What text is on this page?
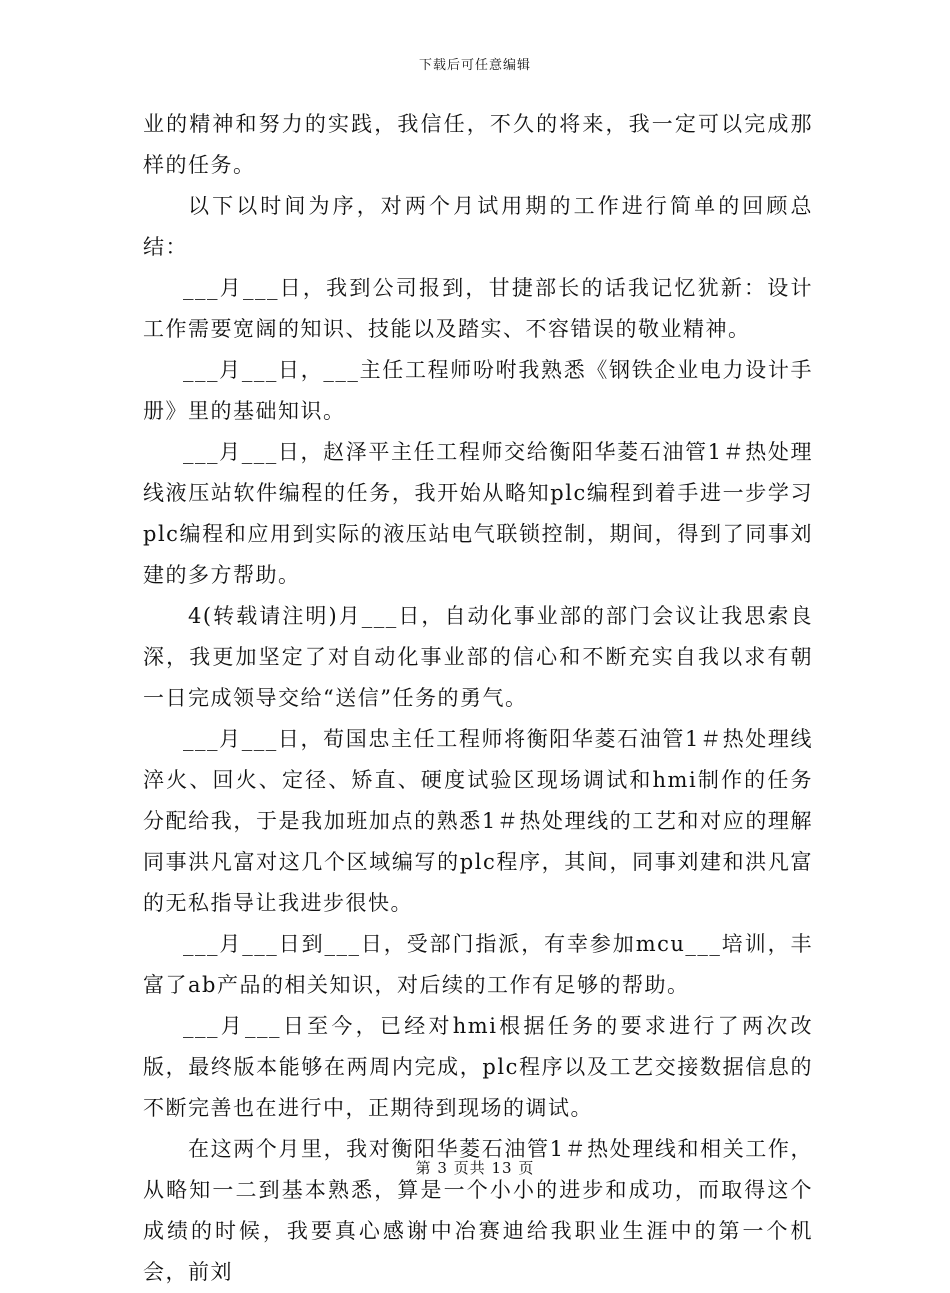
下载后可任意编辑

业的精神和努力的实践，我信任，不久的将来，我一定可以完成那样的任务。

以下以时间为序，对两个月试用期的工作进行简单的回顾总结：

___月___日，我到公司报到，甘捷部长的话我记忆犹新：设计工作需要宽阔的知识、技能以及踏实、不容错误的敬业精神。

___月___日，___主任工程师吩咐我熟悉《钢铁企业电力设计手册》里的基础知识。

___月___日，赵泽平主任工程师交给衡阳华菱石油管1＃热处理线液压站软件编程的任务，我开始从略知plc编程到着手进一步学习plc编程和应用到实际的液压站电气联锁控制，期间，得到了同事刘建的多方帮助。

4(转载请注明)月___日，自动化事业部的部门会议让我思索良深，我更加坚定了对自动化事业部的信心和不断充实自我以求有朝一日完成领导交给“送信”任务的勇气。

___月___日，荀国忠主任工程师将衡阳华菱石油管1＃热处理线淬火、回火、定径、矫直、硬度试验区现场调试和hmi制作的任务分配给我，于是我加班加点的熟悉1＃热处理线的工艺和对应的理解同事洪凡富对这几个区域编写的plc程序，其间，同事刘建和洪凡富的无私指导让我进步很快。

___月___日到___日，受部门指派，有幸参加mcu___培训，丰富了ab产品的相关知识，对后续的工作有足够的帮助。

___月___日至今，已经对hmi根据任务的要求进行了两次改版，最终版本能够在两周内完成，plc程序以及工艺交接数据信息的不断完善也在进行中，正期待到现场的调试。

在这两个月里，我对衡阳华菱石油管1＃热处理线和相关工作，从略知一二到基本熟悉，算是一个小小的进步和成功，而取得这个成绩的时候，我要真心感谢中冶赛迪给我职业生涯中的第一个机会，前刘

第 3 页共 13 页
